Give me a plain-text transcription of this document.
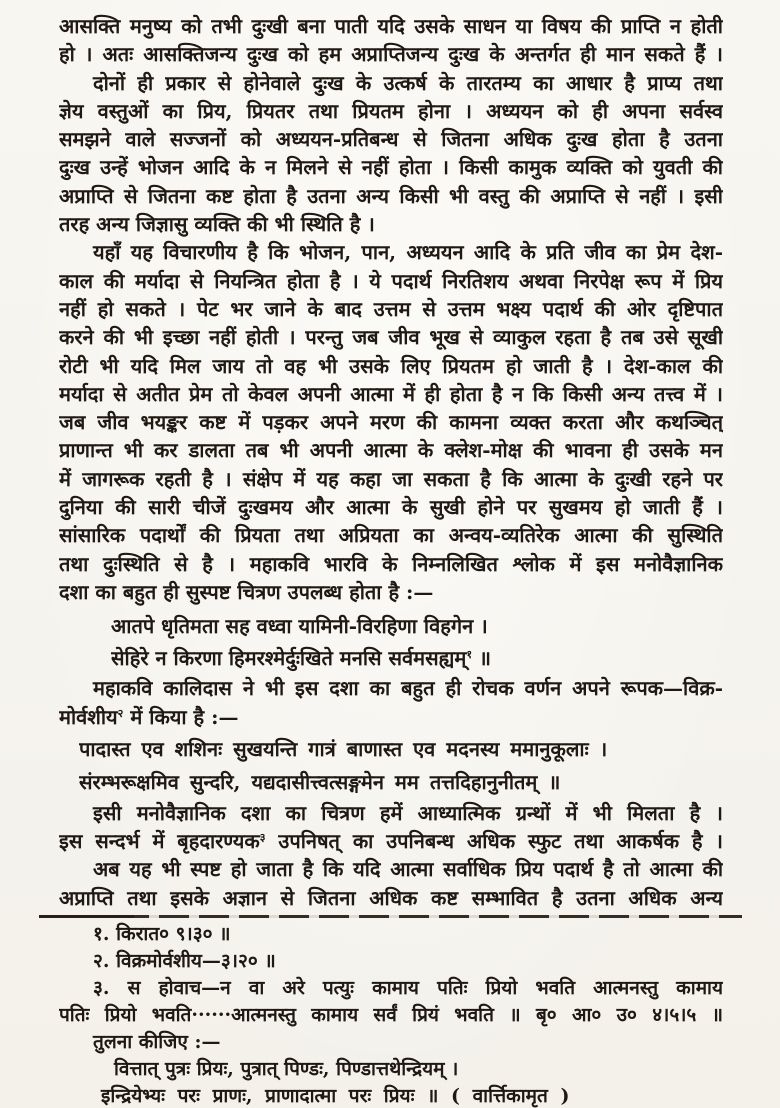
आसक्ति मनुष्य को तभी दुःखी बना पाती यदि उसके साधन या विषय की प्राप्ति न होती
हो । अतः आसक्तिजन्य दुःख को हम अप्राप्तिजन्य दुःख के अन्तर्गत ही मान सकते हैं ।
दोनों ही प्रकार से होनेवाले दुःख के उत्कर्ष के तारतम्य का आधार है प्राप्य तथा
ज्ञेय वस्तुओं का प्रिय, प्रियतर तथा प्रियतम होना । अध्ययन को ही अपना सर्वस्व
समझने वाले सज्जनों को अध्ययन-प्रतिबन्ध से जितना अधिक दुःख होता है उतना
दुःख उन्हें भोजन आदि के न मिलने से नहीं होता । किसी कामुक व्यक्ति को युवती की
अप्राप्ति से जितना कष्ट होता है उतना अन्य किसी भी वस्तु की अप्राप्ति से नहीं । इसी
तरह अन्य जिज्ञासु व्यक्ति की भी स्थिति है ।
यहाँ यह विचारणीय है कि भोजन, पान, अध्ययन आदि के प्रति जीव का प्रेम देश-
काल की मर्यादा से नियन्त्रित होता है । ये पदार्थ निरतिशय अथवा निरपेक्ष रूप में प्रिय
नहीं हो सकते । पेट भर जाने के बाद उत्तम से उत्तम भक्ष्य पदार्थ की ओर दृष्टिपात
करने की भी इच्छा नहीं होती । परन्तु जब जीव भूख से व्याकुल रहता है तब उसे सूखी
रोटी भी यदि मिल जाय तो वह भी उसके लिए प्रियतम हो जाती है । देश-काल की
मर्यादा से अतीत प्रेम तो केवल अपनी आत्मा में ही होता है न कि किसी अन्य तत्त्व में ।
जब जीव भयङ्कर कष्ट में पड़कर अपने मरण की कामना व्यक्त करता और कथञ्चित्
प्राणान्त भी कर डालता तब भी अपनी आत्मा के क्लेश-मोक्ष की भावना ही उसके मन
में जागरूक रहती है । संक्षेप में यह कहा जा सकता है कि आत्मा के दुःखी रहने पर
दुनिया की सारी चीजें दुःखमय और आत्मा के सुखी होने पर सुखमय हो जाती हैं ।
सांसारिक पदार्थों की प्रियता तथा अप्रियता का अन्वय-व्यतिरेक आत्मा की सुस्थिति
तथा दुःस्थिति से है । महाकवि भारवि के निम्नलिखित श्लोक में इस मनोवैज्ञानिक
दशा का बहुत ही सुस्पष्ट चित्रण उपलब्ध होता है :—
आतपे धृतिमता सह वध्वा यामिनी-विरहिणा विहगेन ।
सेहिरे न किरणा हिमरश्मेर्दुःखिते मनसि सर्वमसह्यम्$^१$ ॥
महाकवि कालिदास ने भी इस दशा का बहुत ही रोचक वर्णन अपने रूपक—विक्र-
मोर्वशीय$^२$ में किया है :—
पादास्त एव शशिनः सुखयन्ति गात्रं बाणास्त एव मदनस्य ममानुकूलाः ।
संरम्भरूक्षमिव सुन्दरि, यद्यदासीत्त्वत्सङ्गमेन मम तत्तदिहानुनीतम् ॥
इसी मनोवैज्ञानिक दशा का चित्रण हमें आध्यात्मिक ग्रन्थों में भी मिलता है ।
इस सन्दर्भ में बृहदारण्यक$^३$ उपनिषत् का उपनिबन्ध अधिक स्फुट तथा आकर्षक है ।
अब यह भी स्पष्ट हो जाता है कि यदि आत्मा सर्वाधिक प्रिय पदार्थ है तो आत्मा की
अप्राप्ति तथा इसके अज्ञान से जितना अधिक कष्ट सम्भावित है उतना अधिक अन्य
१. किरात० ९।३० ॥
२. विक्रमोर्वशीय—३।२० ॥
३. स होवाच—न वा अरे पत्युः कामाय पतिः प्रियो भवति आत्मनस्तु कामाय
पतिः प्रियो भवति······आत्मनस्तु कामाय सर्वं प्रियं भवति ॥ बृ० आ० उ० ४।५।५ ॥
तुलना कीजिए :—
वित्तात् पुत्रः प्रियः, पुत्रात् पिण्डः, पिण्डात्तथेन्द्रियम् ।
इन्द्रियेभ्यः परः प्राणः, प्राणादात्मा परः प्रियः ॥ ( वार्त्तिकामृत )
